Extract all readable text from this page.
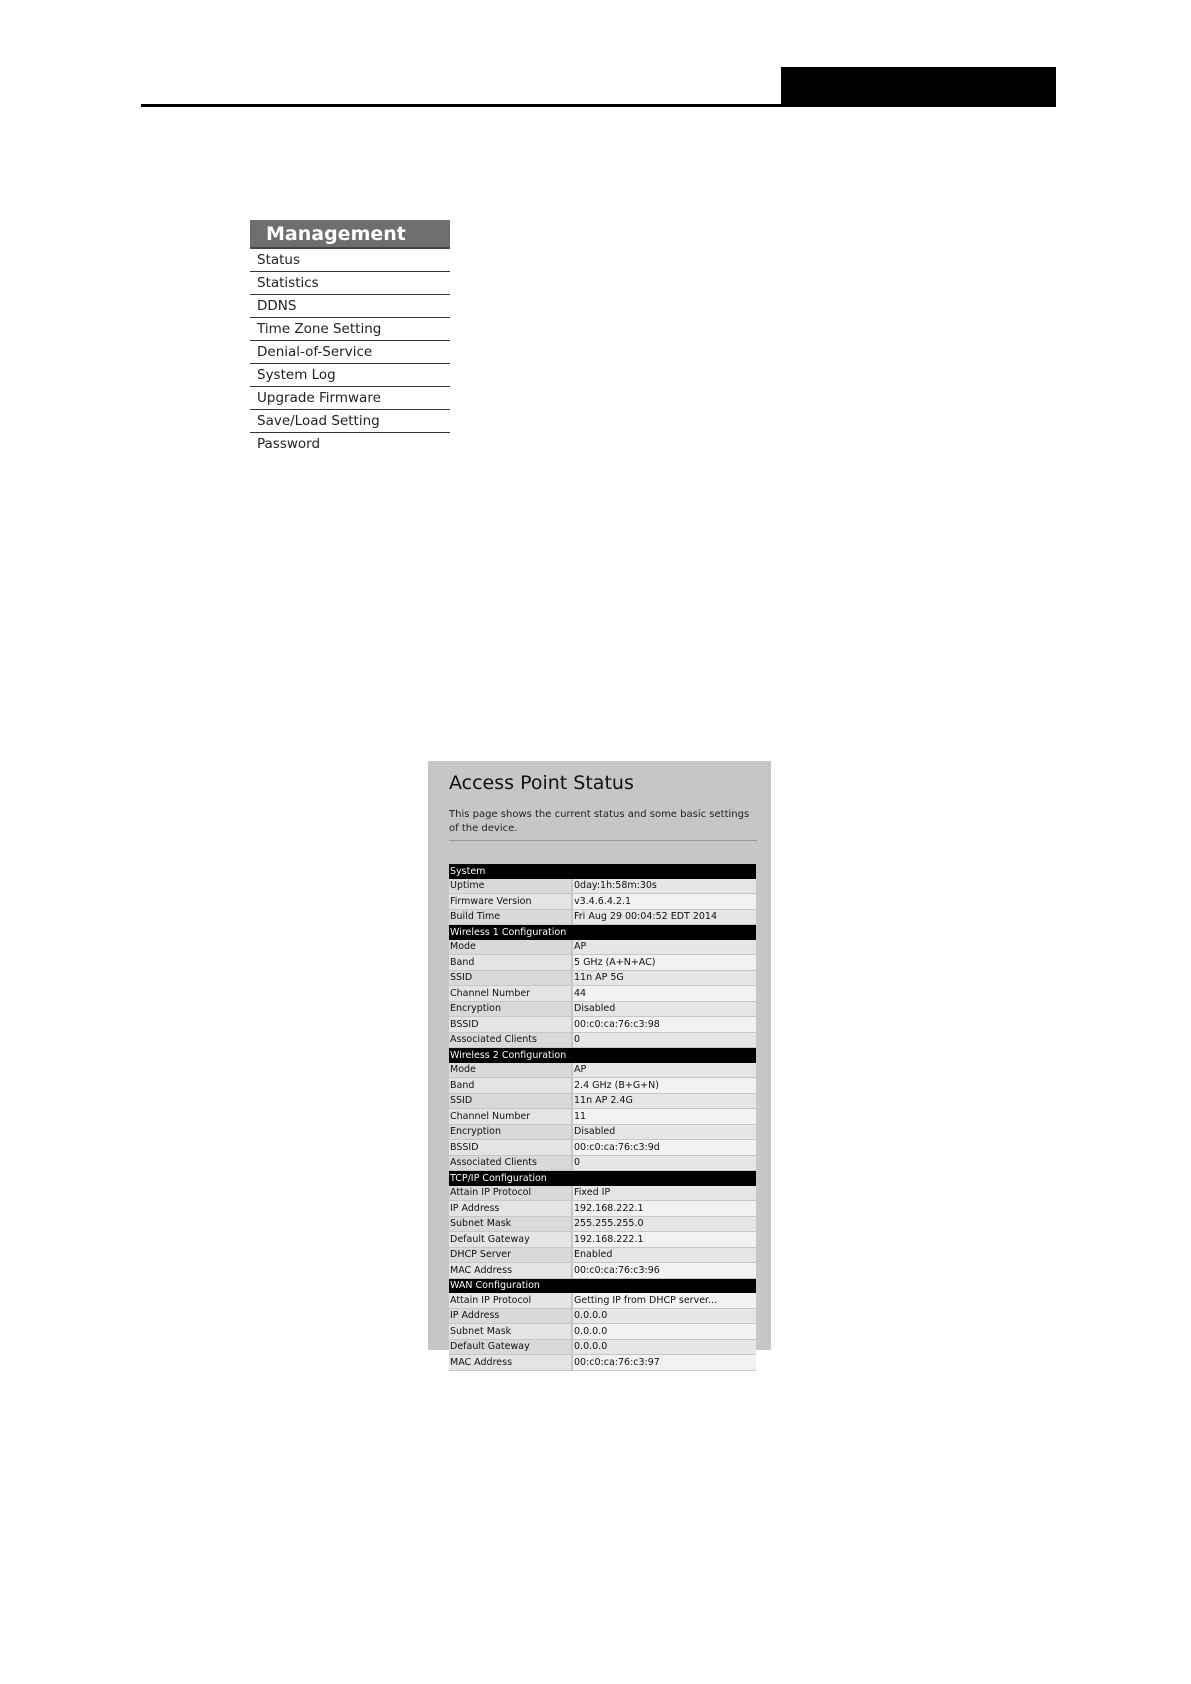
Management
Status
Statistics
DDNS
Time Zone Setting
Denial-of-Service
System Log
Upgrade Firmware
Save/Load Setting
Password
Access Point Status
This page shows the current status and some basic settings of the device.
System	
Uptime	0day:1h:58m:30s
Firmware Version	v3.4.6.4.2.1
Build Time	Fri Aug 29 00:04:52 EDT 2014
Wireless 1 Configuration	
Mode	AP
Band	5 GHz (A+N+AC)
SSID	11n AP 5G
Channel Number	44
Encryption	Disabled
BSSID	00:c0:ca:76:c3:98
Associated Clients	0
Wireless 2 Configuration	
Mode	AP
Band	2.4 GHz (B+G+N)
SSID	11n AP 2.4G
Channel Number	11
Encryption	Disabled
BSSID	00:c0:ca:76:c3:9d
Associated Clients	0
TCP/IP Configuration	
Attain IP Protocol	Fixed IP
IP Address	192.168.222.1
Subnet Mask	255.255.255.0
Default Gateway	192.168.222.1
DHCP Server	Enabled
MAC Address	00:c0:ca:76:c3:96
WAN Configuration	
Attain IP Protocol	Getting IP from DHCP server...
IP Address	0.0.0.0
Subnet Mask	0.0.0.0
Default Gateway	0.0.0.0
MAC Address	00:c0:ca:76:c3:97
